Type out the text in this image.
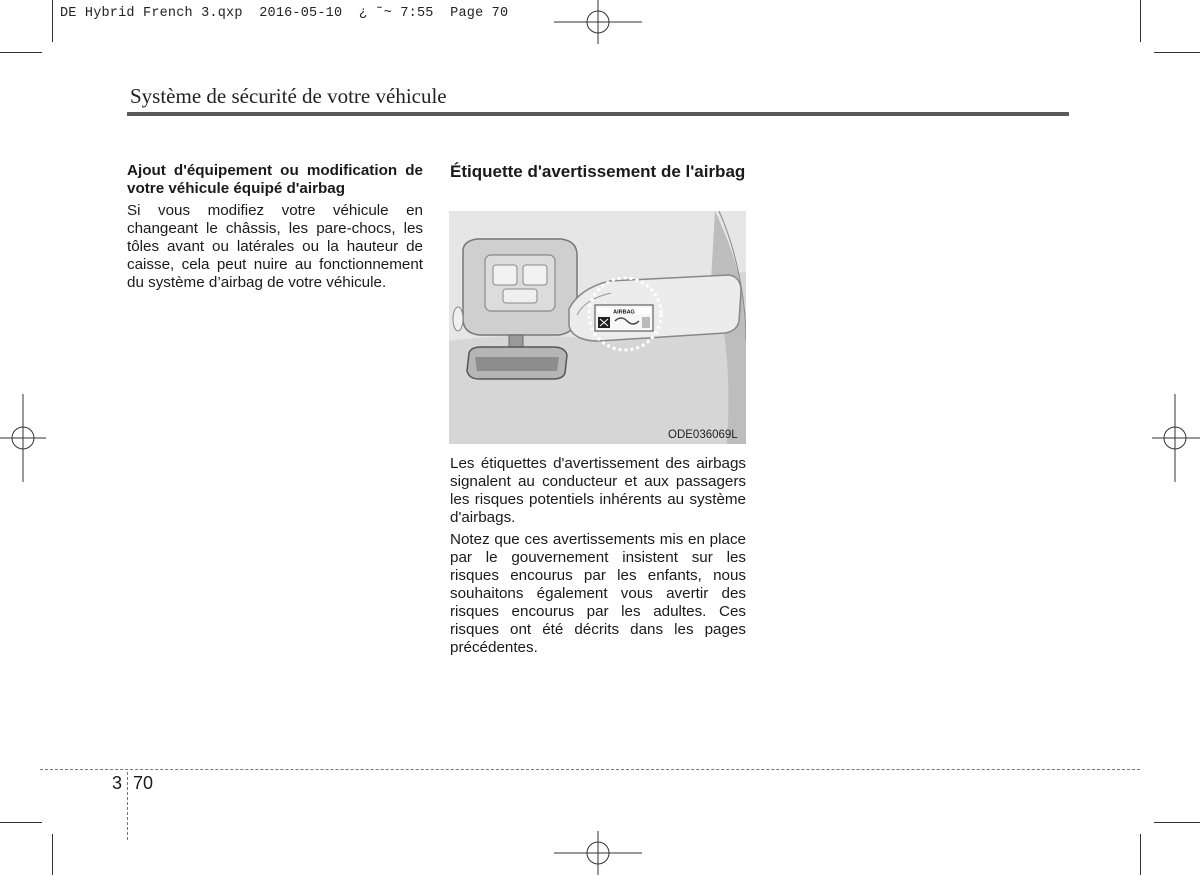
DE Hybrid French 3.qxp  2016-05-10  ¿ ˜~ 7:55  Page 70
Système de sécurité de votre véhicule

Ajout d'équipement ou modification de votre véhicule équipé d'airbag

Si vous modifiez votre véhicule en changeant le châssis, les pare-chocs, les tôles avant ou latérales ou la hauteur de caisse, cela peut nuire au fonctionnement du système d’airbag de votre véhicule.

Étiquette d'avertissement de l'airbag
AIRBAG
ODE036069L

Les étiquettes d'avertissement des airbags signalent au conducteur et aux passagers les risques potentiels inhérents au système d'airbags.

Notez que ces avertissements mis en place par le gouvernement insistent sur les risques encourus par les enfants, nous souhaitons également vous avertir des risques encourus par les adultes. Ces risques ont été décrits dans les pages précédentes.

3 70
